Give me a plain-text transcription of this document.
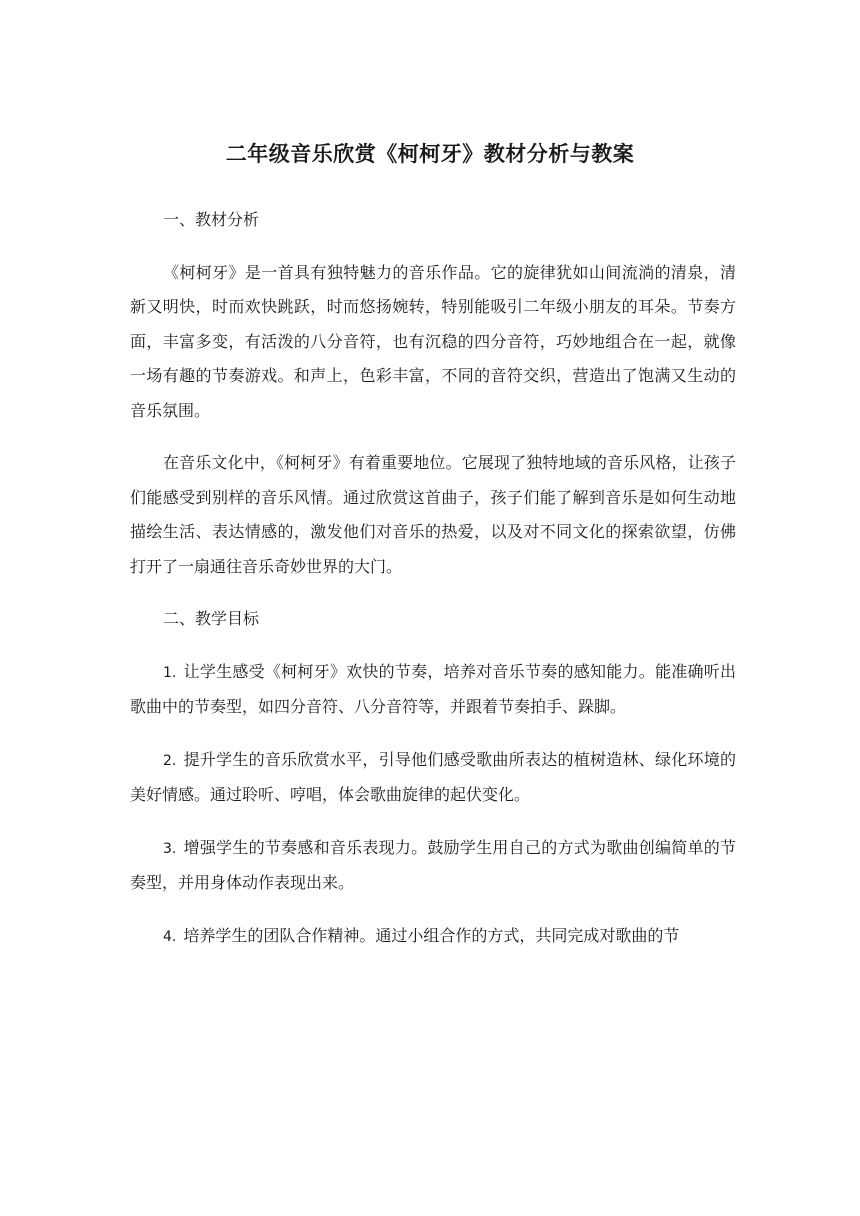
二年级音乐欣赏《柯柯牙》教材分析与教案

一、教材分析

《柯柯牙》是一首具有独特魅力的音乐作品。它的旋律犹如山间流淌的清泉，清新又明快，时而欢快跳跃，时而悠扬婉转，特别能吸引二年级小朋友的耳朵。节奏方面，丰富多变，有活泼的八分音符，也有沉稳的四分音符，巧妙地组合在一起，就像一场有趣的节奏游戏。和声上，色彩丰富，不同的音符交织，营造出了饱满又生动的音乐氛围。

在音乐文化中，《柯柯牙》有着重要地位。它展现了独特地域的音乐风格，让孩子们能感受到别样的音乐风情。通过欣赏这首曲子，孩子们能了解到音乐是如何生动地描绘生活、表达情感的，激发他们对音乐的热爱，以及对不同文化的探索欲望，仿佛打开了一扇通往音乐奇妙世界的大门。

二、教学目标

1. 让学生感受《柯柯牙》欢快的节奏，培养对音乐节奏的感知能力。能准确听出歌曲中的节奏型，如四分音符、八分音符等，并跟着节奏拍手、跺脚。

2. 提升学生的音乐欣赏水平，引导他们感受歌曲所表达的植树造林、绿化环境的美好情感。通过聆听、哼唱，体会歌曲旋律的起伏变化。

3. 增强学生的节奏感和音乐表现力。鼓励学生用自己的方式为歌曲创编简单的节奏型，并用身体动作表现出来。

4. 培养学生的团队合作精神。通过小组合作的方式，共同完成对歌曲的节
